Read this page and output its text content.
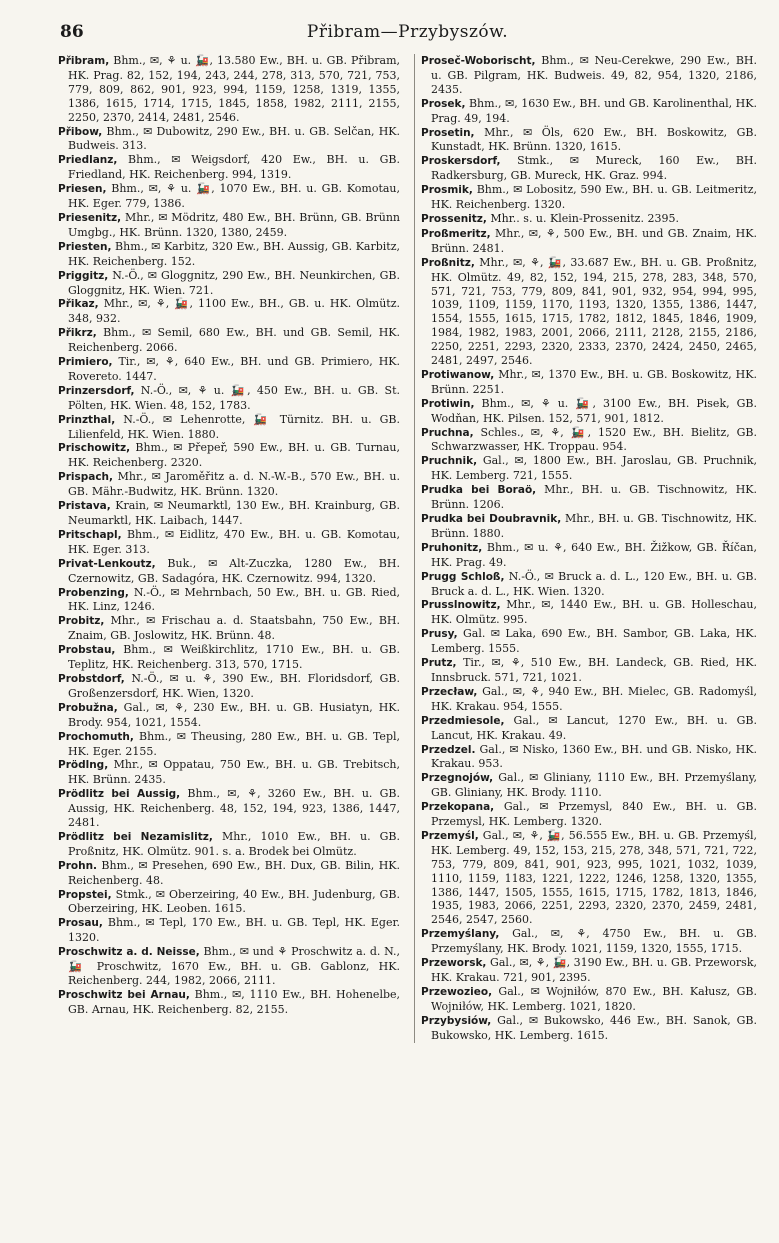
86	Přibram—Przybyszów.

Přibram, Bhm., ✉, ⚘ u. 🚂, 13.580 Ew., BH. u. GB. Přibram, HK. Prag. 82, 152, 194, 243, 244, 278, 313, 570, 721, 753, 779, 809, 862, 901, 923, 994, 1159, 1258, 1319, 1355, 1386, 1615, 1714, 1715, 1845, 1858, 1982, 2111, 2155, 2250, 2370, 2414, 2481, 2546.

Přibow, Bhm., ✉ Dubowitz, 290 Ew., BH. u. GB. Selčan, HK. Budweis. 313.

Priedlanz, Bhm., ✉ Weigsdorf, 420 Ew., BH. u. GB. Friedland, HK. Reichenberg. 994, 1319.

Priesen, Bhm., ✉, ⚘ u. 🚂, 1070 Ew., BH. u. GB. Komotau, HK. Eger. 779, 1386.

Priesenitz, Mhr., ✉ Mödritz, 480 Ew., BH. Brünn, GB. Brünn Umgbg., HK. Brünn. 1320, 1380, 2459.

Priesten, Bhm., ✉ Karbitz, 320 Ew., BH. Aussig, GB. Karbitz, HK. Reichenberg. 152.

Priggitz, N.-Ö., ✉ Gloggnitz, 290 Ew., BH. Neunkirchen, GB. Gloggnitz, HK. Wien. 721.

Přikaz, Mhr., ✉, ⚘, 🚂, 1100 Ew., BH., GB. u. HK. Olmütz. 348, 932.

Přikrz, Bhm., ✉ Semil, 680 Ew., BH. und GB. Semil, HK. Reichenberg. 2066.

Primiero, Tir., ✉, ⚘, 640 Ew., BH. und GB. Primiero, HK. Rovereto. 1447.

Prinzersdorf, N.-Ö., ✉, ⚘ u. 🚂, 450 Ew., BH. u. GB. St. Pölten, HK. Wien. 48, 152, 1783.

Prinzthal, N.-Ö., ✉ Lehenrotte, 🚂 Türnitz. BH. u. GB. Lilienfeld, HK. Wien. 1880.

Prischowitz, Bhm., ✉ Přepeř, 590 Ew., BH. u. GB. Turnau, HK. Reichenberg. 2320.

Prispach, Mhr., ✉ Jaroměřitz a. d. N.-W.-B., 570 Ew., BH. u. GB. Mähr.-Budwitz, HK. Brünn. 1320.

Pristava, Krain, ✉ Neumarktl, 130 Ew., BH. Krainburg, GB. Neumarktl, HK. Laibach, 1447.

Pritschapl, Bhm., ✉ Eidlitz, 470 Ew., BH. u. GB. Komotau, HK. Eger. 313.

Privat-Lenkoutz, Buk., ✉ Alt-Zuczka, 1280 Ew., BH. Czernowitz, GB. Sadagóra, HK. Czernowitz. 994, 1320.

Probenzing, N.-Ö., ✉ Mehrnbach, 50 Ew., BH. u. GB. Ried, HK. Linz, 1246.

Probitz, Mhr., ✉ Frischau a. d. Staatsbahn, 750 Ew., BH. Znaim, GB. Joslowitz, HK. Brünn. 48.

Probstau, Bhm., ✉ Weißkirchlitz, 1710 Ew., BH. u. GB. Teplitz, HK. Reichenberg. 313, 570, 1715.

Probstdorf, N.-Ö., ✉ u. ⚘, 390 Ew., BH. Floridsdorf, GB. Großenzersdorf, HK. Wien, 1320.

Probužna, Gal., ✉, ⚘, 230 Ew., BH. u. GB. Husiatyn, HK. Brody. 954, 1021, 1554.

Prochomuth, Bhm., ✉ Theusing, 280 Ew., BH. u. GB. Tepl, HK. Eger. 2155.

Prödlng, Mhr., ✉ Oppatau, 750 Ew., BH. u. GB. Trebitsch, HK. Brünn. 2435.

Prödlitz bei Aussig, Bhm., ✉, ⚘, 3260 Ew., BH. u. GB. Aussig, HK. Reichenberg. 48, 152, 194, 923, 1386, 1447, 2481.

Prödlitz bei Nezamislitz, Mhr., 1010 Ew., BH. u. GB. Proßnitz, HK. Olmütz. 901. s. a. Brodek bei Olmütz.

Prohn. Bhm., ✉ Presehen, 690 Ew., BH. Dux, GB. Bilin, HK. Reichenberg. 48.

Propstei, Stmk., ✉ Oberzeiring, 40 Ew., BH. Judenburg, GB. Oberzeiring, HK. Leoben. 1615.

Prosau, Bhm., ✉ Tepl, 170 Ew., BH. u. GB. Tepl, HK. Eger. 1320.

Proschwitz a. d. Neisse, Bhm., ✉ und ⚘ Proschwitz a. d. N., 🚂 Proschwitz, 1670 Ew., BH. u. GB. Gablonz, HK. Reichenberg. 244, 1982, 2066, 2111.

Proschwitz bei Arnau, Bhm., ✉, 1110 Ew., BH. Hohenelbe, GB. Arnau, HK. Reichenberg. 82, 2155.

Proseč-Woborischt, Bhm., ✉ Neu-Cerekwe, 290 Ew., BH. u. GB. Pilgram, HK. Budweis. 49, 82, 954, 1320, 2186, 2435.

Prosek, Bhm., ✉, 1630 Ew., BH. und GB. Karolinenthal, HK. Prag. 49, 194.

Prosetin, Mhr., ✉ Öls, 620 Ew., BH. Boskowitz, GB. Kunstadt, HK. Brünn. 1320, 1615.

Proskersdorf, Stmk., ✉ Mureck, 160 Ew., BH. Radkersburg, GB. Mureck, HK. Graz. 994.

Prosmik, Bhm., ✉ Lobositz, 590 Ew., BH. u. GB. Leitmeritz, HK. Reichenberg. 1320.

Prossenitz, Mhr.. s. u. Klein-Prossenitz. 2395.

Proßmeritz, Mhr., ✉, ⚘, 500 Ew., BH. und GB. Znaim, HK. Brünn. 2481.

Proßnitz, Mhr., ✉, ⚘, 🚂, 33.687 Ew., BH. u. GB. Proßnitz, HK. Olmütz. 49, 82, 152, 194, 215, 278, 283, 348, 570, 571, 721, 753, 779, 809, 841, 901, 932, 954, 994, 995, 1039, 1109, 1159, 1170, 1193, 1320, 1355, 1386, 1447, 1554, 1555, 1615, 1715, 1782, 1812, 1845, 1846, 1909, 1984, 1982, 1983, 2001, 2066, 2111, 2128, 2155, 2186, 2250, 2251, 2293, 2320, 2333, 2370, 2424, 2450, 2465, 2481, 2497, 2546.

Protiwanow, Mhr., ✉, 1370 Ew., BH. u. GB. Boskowitz, HK. Brünn. 2251.

Protiwin, Bhm., ✉, ⚘ u. 🚂, 3100 Ew., BH. Pisek, GB. Wodňan, HK. Pilsen. 152, 571, 901, 1812.

Pruchna, Schles., ✉, ⚘, 🚂, 1520 Ew., BH. Bielitz, GB. Schwarzwasser, HK. Troppau. 954.

Pruchnik, Gal., ✉, 1800 Ew., BH. Jaroslau, GB. Pruchnik, HK. Lemberg. 721, 1555.

Prudka bei Boraö, Mhr., BH. u. GB. Tischnowitz, HK. Brünn. 1206.

Prudka bei Doubravnik, Mhr., BH. u. GB. Tischnowitz, HK. Brünn. 1880.

Pruhonitz, Bhm., ✉ u. ⚘, 640 Ew., BH. Žižkow, GB. Říčan, HK. Prag. 49.

Prugg Schloß, N.-Ö., ✉ Bruck a. d. L., 120 Ew., BH. u. GB. Bruck a. d. L., HK. Wien. 1320.

Prusslnowitz, Mhr., ✉, 1440 Ew., BH. u. GB. Holleschau, HK. Olmütz. 995.

Prusy, Gal. ✉ Laka, 690 Ew., BH. Sambor, GB. Laka, HK. Lemberg. 1555.

Prutz, Tir., ✉, ⚘, 510 Ew., BH. Landeck, GB. Ried, HK. Innsbruck. 571, 721, 1021.

Przecław, Gal., ✉, ⚘, 940 Ew., BH. Mielec, GB. Radomyśl, HK. Krakau. 954, 1555.

Przedmiesole, Gal., ✉ Lancut, 1270 Ew., BH. u. GB. Lancut, HK. Krakau. 49.

Przedzel. Gal., ✉ Nisko, 1360 Ew., BH. und GB. Nisko, HK. Krakau. 953.

Przegnojów, Gal., ✉ Gliniany, 1110 Ew., BH. Przemyślany, GB. Gliniany, HK. Brody. 1110.

Przekopana, Gal., ✉ Przemysl, 840 Ew., BH. u. GB. Przemysl, HK. Lemberg. 1320.

Przemyśl, Gal., ✉, ⚘, 🚂, 56.555 Ew., BH. u. GB. Przemyśl, HK. Lemberg. 49, 152, 153, 215, 278, 348, 571, 721, 722, 753, 779, 809, 841, 901, 923, 995, 1021, 1032, 1039, 1110, 1159, 1183, 1221, 1222, 1246, 1258, 1320, 1355, 1386, 1447, 1505, 1555, 1615, 1715, 1782, 1813, 1846, 1935, 1983, 2066, 2251, 2293, 2320, 2370, 2459, 2481, 2546, 2547, 2560.

Przemyślany, Gal., ✉, ⚘, 4750 Ew., BH. u. GB. Przemyślany, HK. Brody. 1021, 1159, 1320, 1555, 1715.

Przeworsk, Gal., ✉, ⚘, 🚂, 3190 Ew., BH. u. GB. Przeworsk, HK. Krakau. 721, 901, 2395.

Przewozieo, Gal., ✉ Wojniłów, 870 Ew., BH. Kałusz, GB. Wojniłów, HK. Lemberg. 1021, 1820.

Przybysiów, Gal., ✉ Bukowsko, 446 Ew., BH. Sanok, GB. Bukowsko, HK. Lemberg. 1615.
